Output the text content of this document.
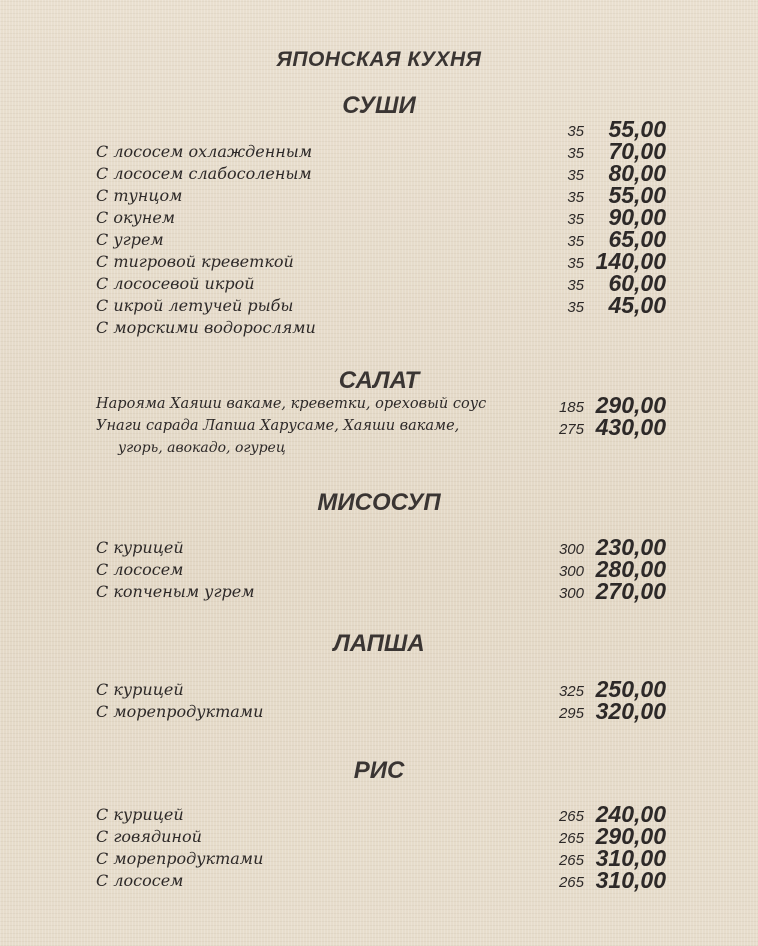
ЯПОНСКАЯ КУХНЯ
СУШИ
35 55,00
С лососем охлажденным	35 70,00
С лососем слабосоленым	35 80,00
С тунцом	35 55,00
С окунем	35 90,00
С угрем	35 65,00
С тигровой креветкой	35 140,00
С лососевой икрой	35 60,00
С икрой летучей рыбы	35 45,00
С морскими водорослями
САЛАТ
Нарояма Хаяши вакаме, креветки, ореховый соус	185 290,00
Унаги сарада Лапша Харусаме, Хаяши вакаме,	275 430,00
угорь, авокадо, огурец
МИСОСУП
С курицей	300 230,00
С лососем	300 280,00
С копченым угрем	300 270,00
ЛАПША
С курицей	325 250,00
С морепродуктами	295 320,00
РИС
С курицей	265 240,00
С говядиной	265 290,00
С морепродуктами	265 310,00
С лососем	265 310,00
